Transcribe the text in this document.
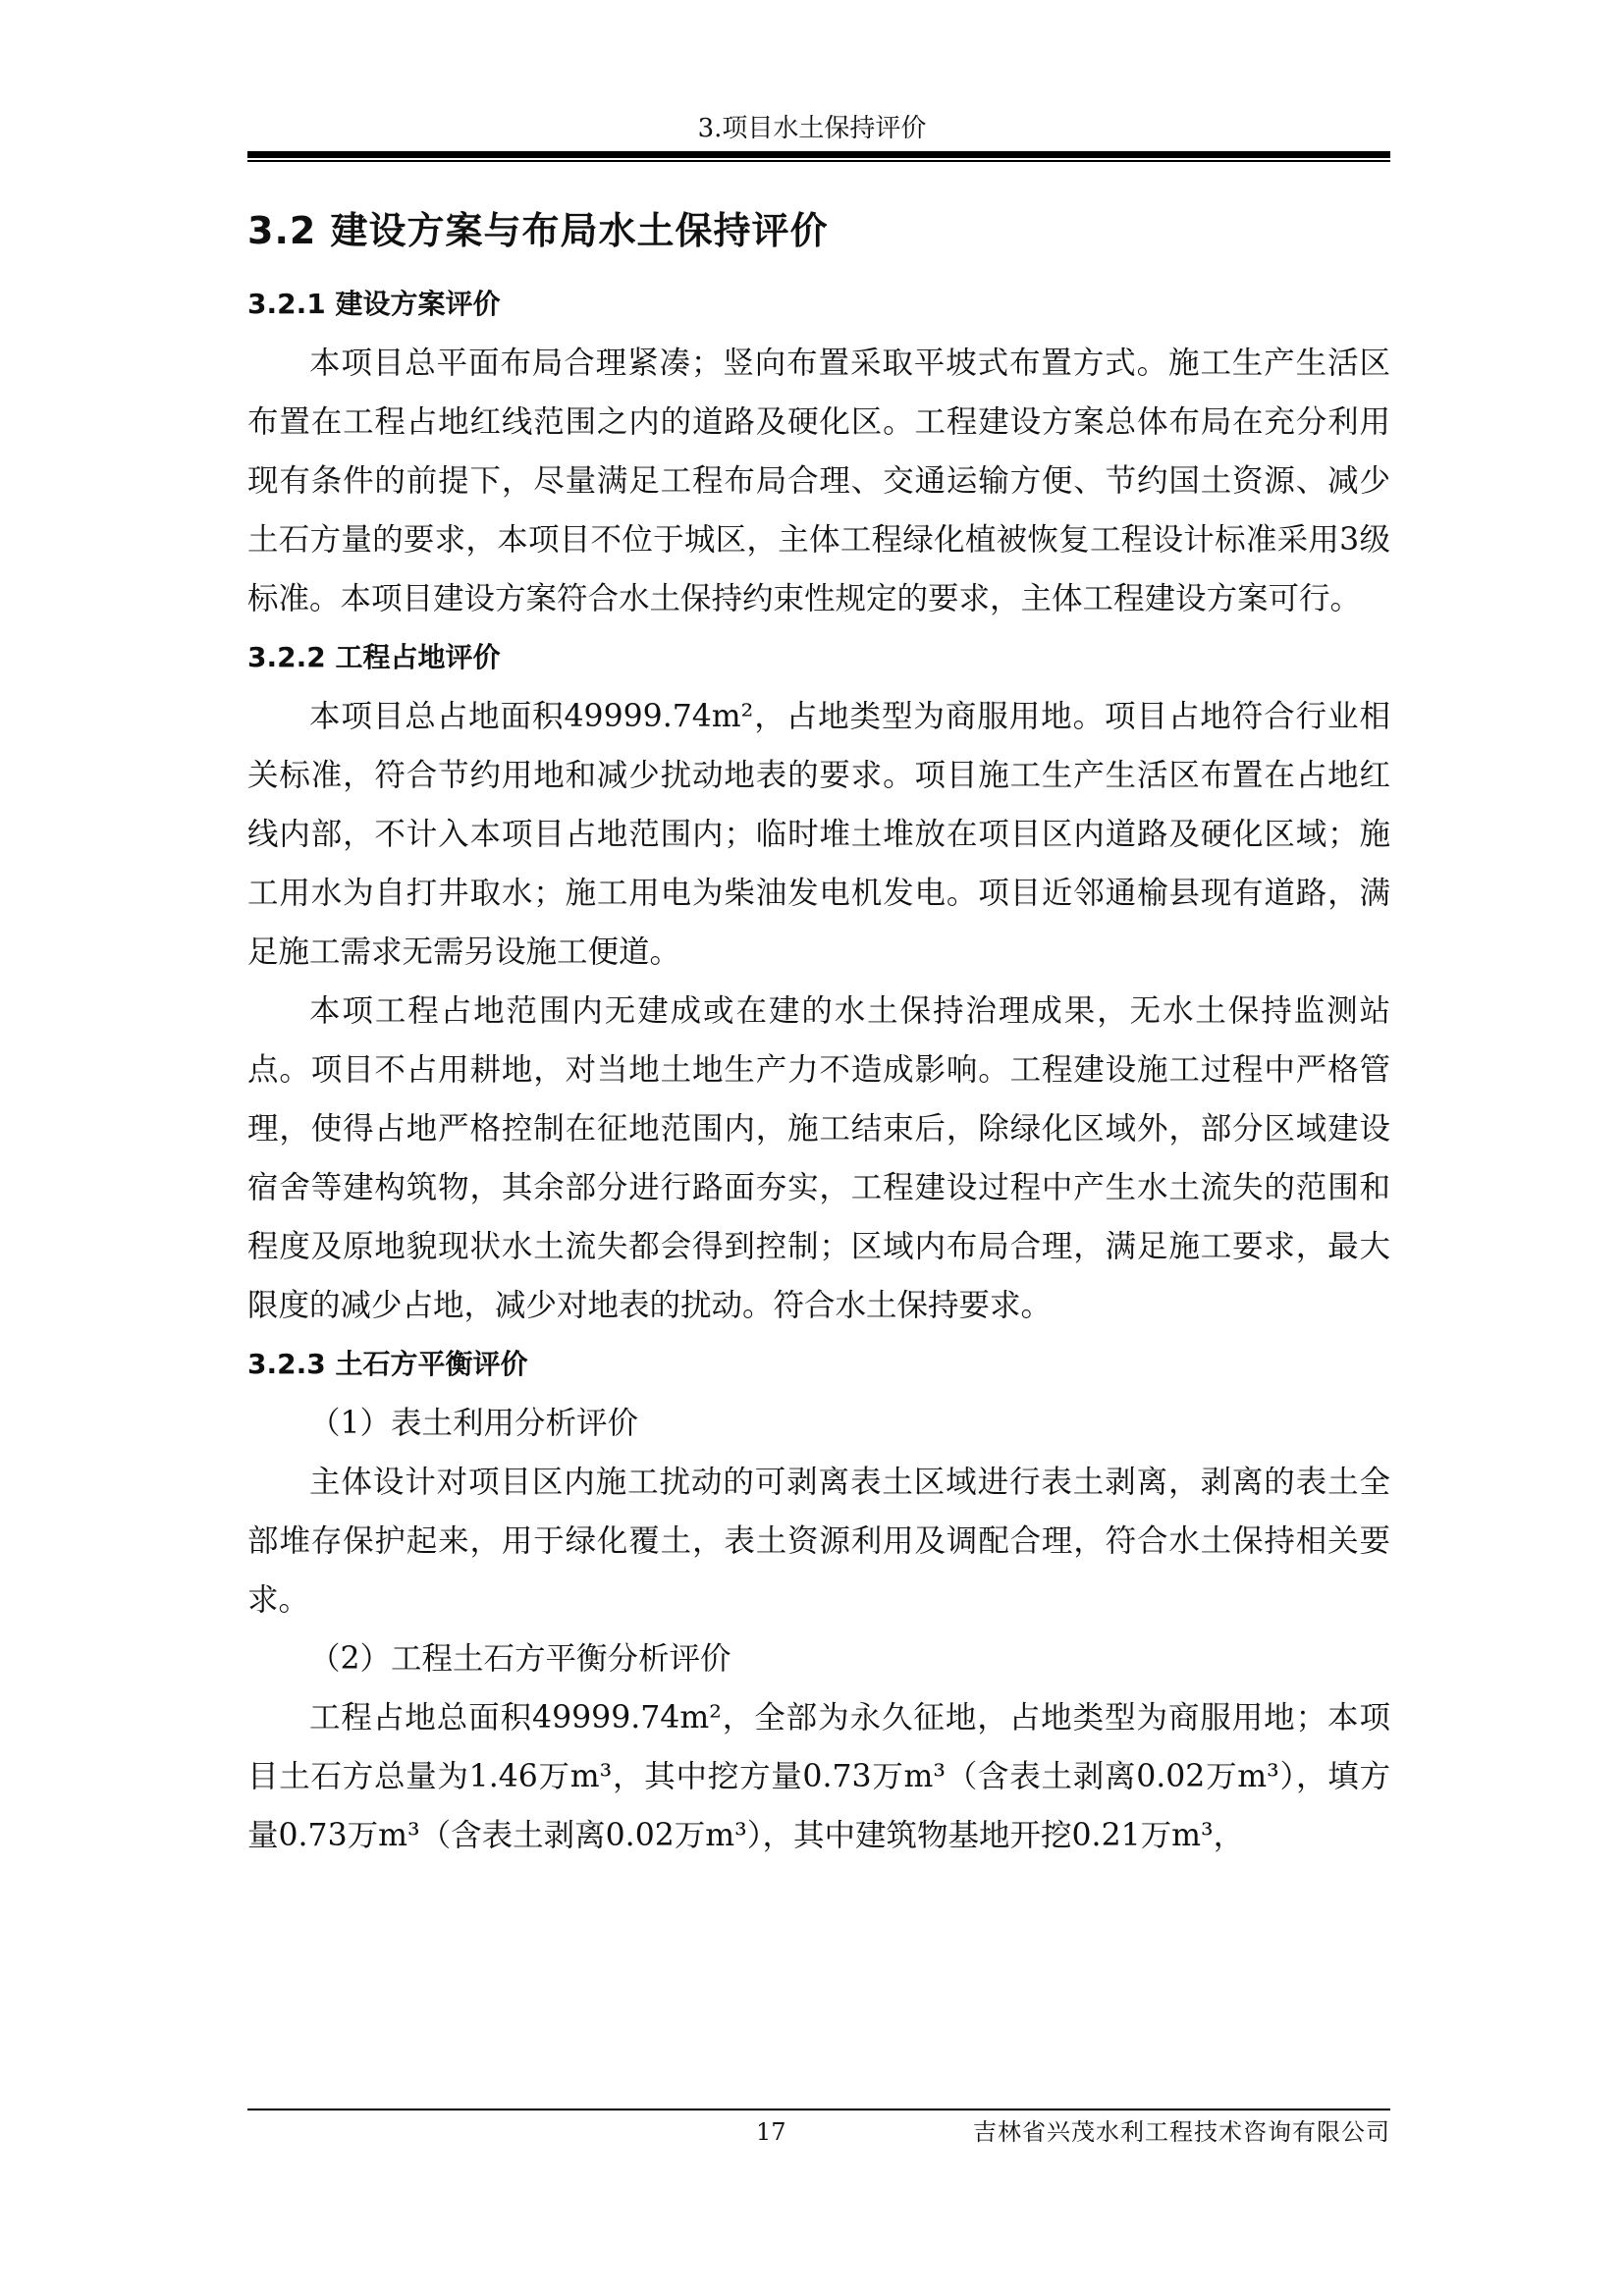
3.项目水土保持评价
3.2 建设方案与布局水土保持评价
3.2.1 建设方案评价

本项目总平面布局合理紧凑；竖向布置采取平坡式布置方式。施工生产生活区布置在工程占地红线范围之内的道路及硬化区。工程建设方案总体布局在充分利用现有条件的前提下，尽量满足工程布局合理、交通运输方便、节约国土资源、减少土石方量的要求，本项目不位于城区，主体工程绿化植被恢复工程设计标准采用3级标准。本项目建设方案符合水土保持约束性规定的要求，主体工程建设方案可行。

3.2.2 工程占地评价

本项目总占地面积49999.74m²，占地类型为商服用地。项目占地符合行业相关标准，符合节约用地和减少扰动地表的要求。项目施工生产生活区布置在占地红线内部，不计入本项目占地范围内；临时堆土堆放在项目区内道路及硬化区域；施工用水为自打井取水；施工用电为柴油发电机发电。项目近邻通榆县现有道路，满足施工需求无需另设施工便道。

本项工程占地范围内无建成或在建的水土保持治理成果，无水土保持监测站点。项目不占用耕地，对当地土地生产力不造成影响。工程建设施工过程中严格管理，使得占地严格控制在征地范围内，施工结束后，除绿化区域外，部分区域建设宿舍等建构筑物，其余部分进行路面夯实，工程建设过程中产生水土流失的范围和程度及原地貌现状水土流失都会得到控制；区域内布局合理，满足施工要求，最大限度的减少占地，减少对地表的扰动。符合水土保持要求。

3.2.3 土石方平衡评价

（1）表土利用分析评价

主体设计对项目区内施工扰动的可剥离表土区域进行表土剥离，剥离的表土全部堆存保护起来，用于绿化覆土，表土资源利用及调配合理，符合水土保持相关要求。

（2）工程土石方平衡分析评价

工程占地总面积49999.74m²，全部为永久征地，占地类型为商服用地；本项目土石方总量为1.46万m³，其中挖方量0.73万m³（含表土剥离0.02万m³），填方量0.73万m³（含表土剥离0.02万m³），其中建筑物基地开挖0.21万m³，

17	吉林省兴茂水利工程技术咨询有限公司
